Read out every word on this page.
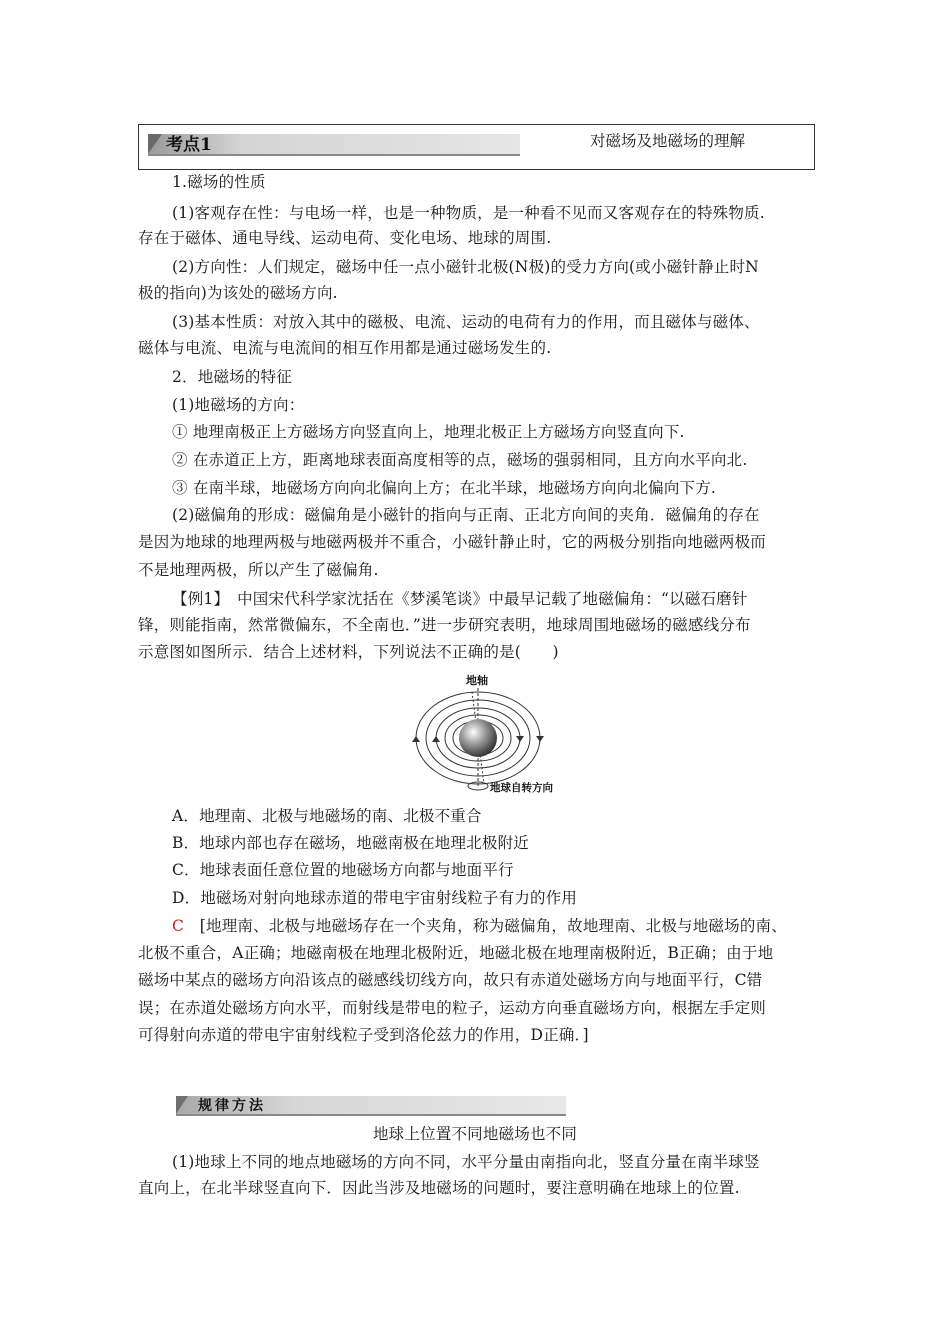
考点1	对磁场及地磁场的理解
1.磁场的性质
(1)客观存在性：与电场一样，也是一种物质，是一种看不见而又客观存在的特殊物质.
存在于磁体、通电导线、运动电荷、变化电场、地球的周围.
(2)方向性：人们规定，磁场中任一点小磁针北极(N极)的受力方向(或小磁针静止时N
极的指向)为该处的磁场方向.
(3)基本性质：对放入其中的磁极、电流、运动的电荷有力的作用，而且磁体与磁体、
磁体与电流、电流与电流间的相互作用都是通过磁场发生的.
2．地磁场的特征
(1)地磁场的方向：
① 地理南极正上方磁场方向竖直向上，地理北极正上方磁场方向竖直向下.
② 在赤道正上方，距离地球表面高度相等的点，磁场的强弱相同，且方向水平向北.
③ 在南半球，地磁场方向向北偏向上方；在北半球，地磁场方向向北偏向下方.
(2)磁偏角的形成：磁偏角是小磁针的指向与正南、正北方向间的夹角．磁偏角的存在
是因为地球的地理两极与地磁两极并不重合，小磁针静止时，它的两极分别指向地磁两极而
不是地理两极，所以产生了磁偏角.
【例1】　中国宋代科学家沈括在《梦溪笔谈》中最早记载了地磁偏角：“以磁石磨针
锋，则能指南，然常微偏东，不全南也．”进一步研究表明，地球周围地磁场的磁感线分布
示意图如图所示．结合上述材料，下列说法不正确的是(　　)
地轴
地球自转方向
A．地理南、北极与地磁场的南、北极不重合
B．地球内部也存在磁场，地磁南极在地理北极附近
C．地球表面任意位置的地磁场方向都与地面平行
D．地磁场对射向地球赤道的带电宇宙射线粒子有力的作用
C　 [地理南、北极与地磁场存在一个夹角，称为磁偏角，故地理南、北极与地磁场的南、
北极不重合，A正确；地磁南极在地理北极附近，地磁北极在地理南极附近，B正确；由于地
磁场中某点的磁场方向沿该点的磁感线切线方向，故只有赤道处磁场方向与地面平行，C错
误；在赤道处磁场方向水平，而射线是带电的粒子，运动方向垂直磁场方向，根据左手定则
可得射向赤道的带电宇宙射线粒子受到洛伦兹力的作用，D正确．]
规律方法
地球上位置不同地磁场也不同
(1)地球上不同的地点地磁场的方向不同，水平分量由南指向北，竖直分量在南半球竖
直向上，在北半球竖直向下．因此当涉及地磁场的问题时，要注意明确在地球上的位置.
